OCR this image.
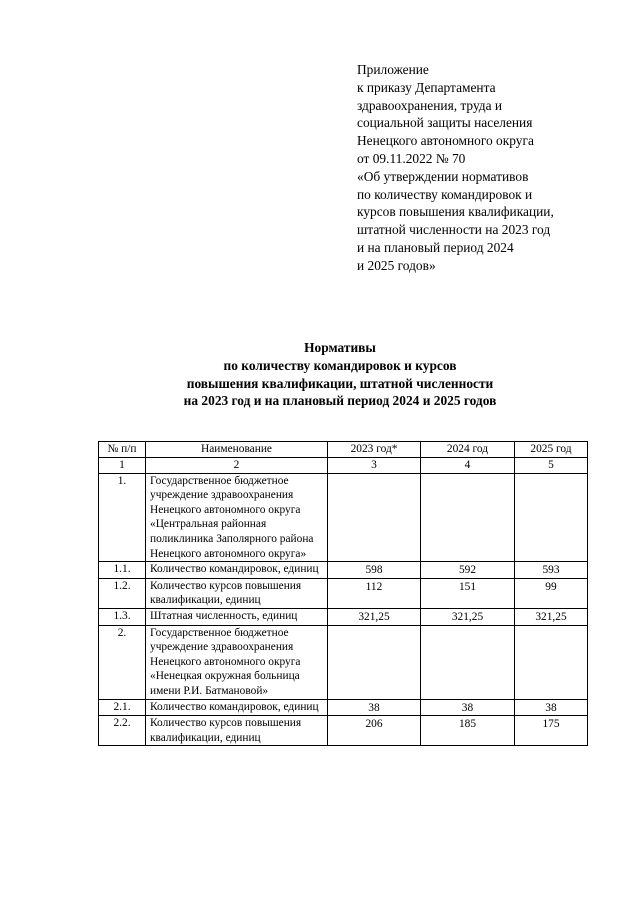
Приложение
к приказу Департамента
здравоохранения, труда и
социальной защиты населения
Ненецкого автономного округа
от 09.11.2022 № 70
«Об утверждении нормативов
по количеству командировок и
курсов повышения квалификации,
штатной численности на 2023 год
и на плановый период 2024
и 2025 годов»
Нормативы
по количеству командировок и курсов
повышения квалификации, штатной численности
на 2023 год и на плановый период 2024 и 2025 годов
№ п/п	Наименование	2023 год*	2024 год	2025 год
1	2	3	4	5
1.	Государственное бюджетное учреждение здравоохранения Ненецкого автономного округа «Центральная районная поликлиника Заполярного района Ненецкого автономного округа»			
1.1.	Количество командировок, единиц	598	592	593
1.2.	Количество курсов повышения квалификации, единиц	112	151	99
1.3.	Штатная численность, единиц	321,25	321,25	321,25
2.	Государственное бюджетное учреждение здравоохранения Ненецкого автономного округа «Ненецкая окружная больница имени Р.И. Батмановой»			
2.1.	Количество командировок, единиц	38	38	38
2.2.	Количество курсов повышения квалификации, единиц	206	185	175
